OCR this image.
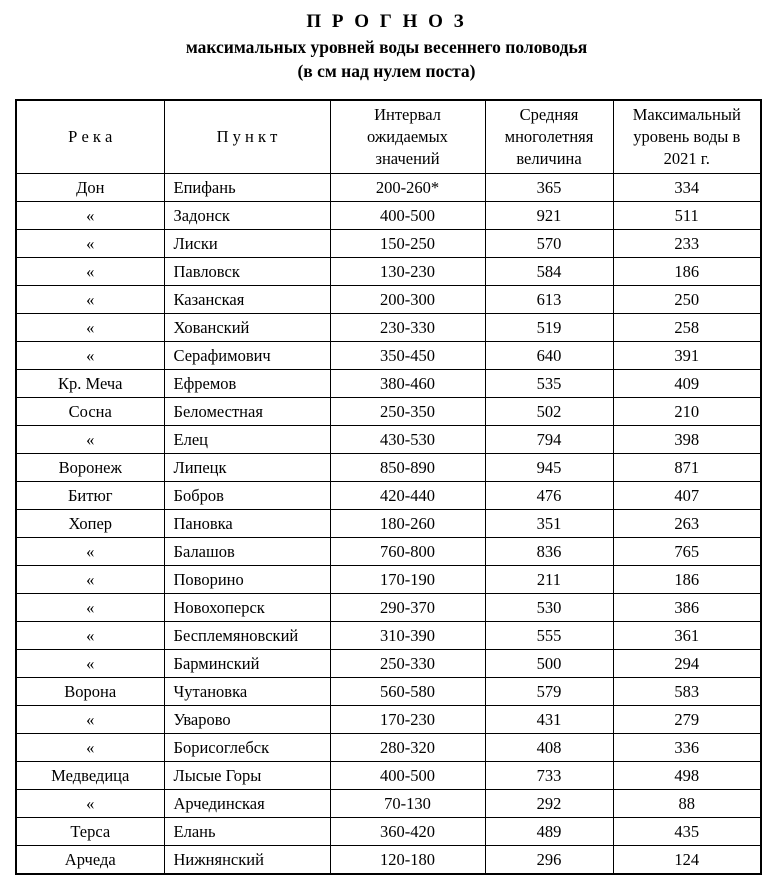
П Р О Г Н О З
максимальных уровней воды весеннего половодья
(в см над нулем поста)
Р е к а	П у н к т	Интервал ожидаемых значений	Средняя многолетняя величина	Максимальный уровень воды в 2021 г.
Дон	Епифань	200-260*	365	334
«	Задонск	400-500	921	511
«	Лиски	150-250	570	233
«	Павловск	130-230	584	186
«	Казанская	200-300	613	250
«	Хованский	230-330	519	258
«	Серафимович	350-450	640	391
Кр. Меча	Ефремов	380-460	535	409
Сосна	Беломестная	250-350	502	210
«	Елец	430-530	794	398
Воронеж	Липецк	850-890	945	871
Битюг	Бобров	420-440	476	407
Хопер	Пановка	180-260	351	263
«	Балашов	760-800	836	765
«	Поворино	170-190	211	186
«	Новохоперск	290-370	530	386
«	Бесплемяновский	310-390	555	361
«	Барминский	250-330	500	294
Ворона	Чутановка	560-580	579	583
«	Уварово	170-230	431	279
«	Борисоглебск	280-320	408	336
Медведица	Лысые Горы	400-500	733	498
«	Арчединская	70-130	292	88
Терса	Елань	360-420	489	435
Арчеда	Нижнянский	120-180	296	124
